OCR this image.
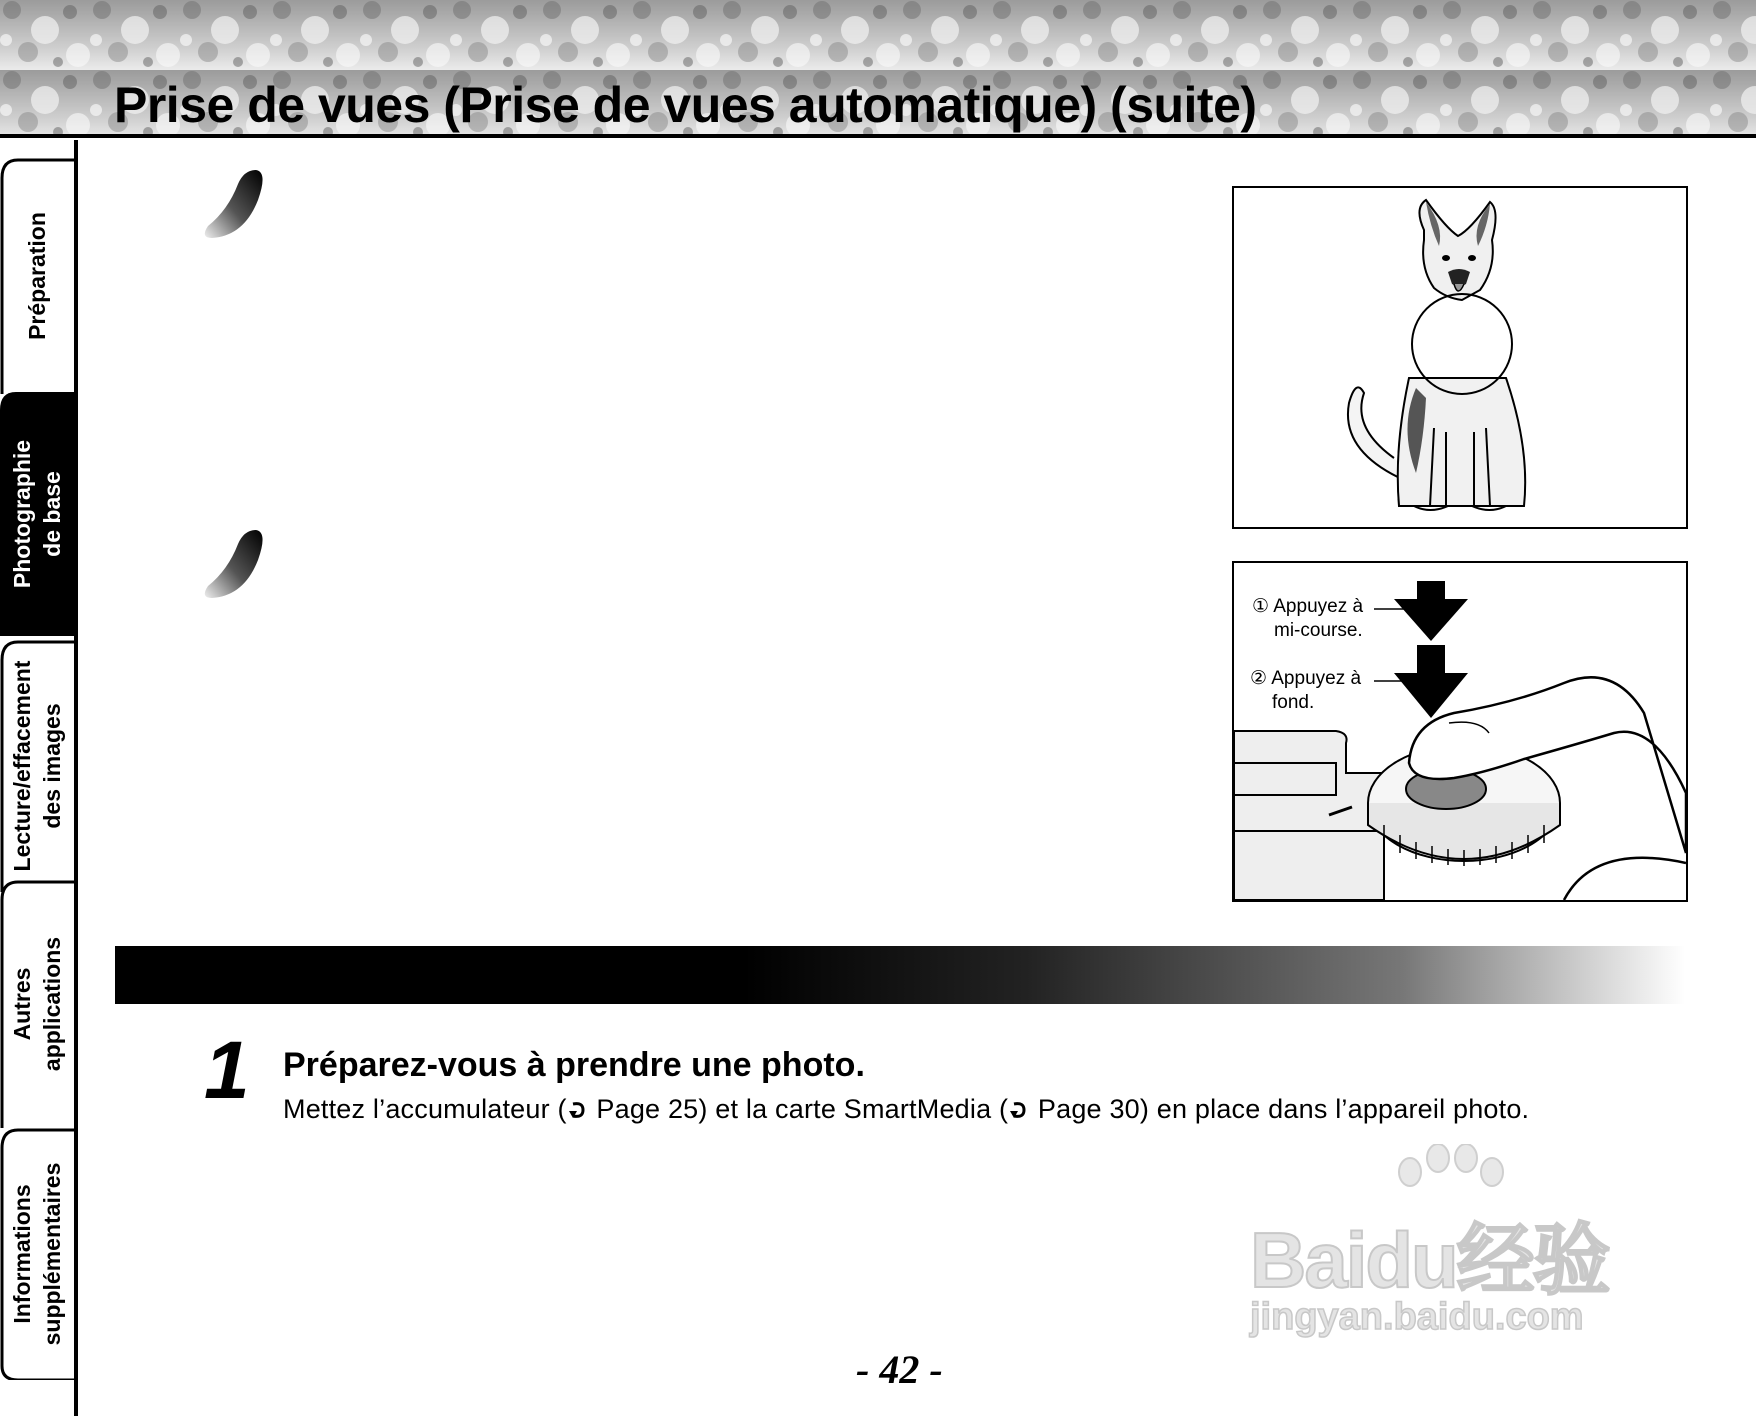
Prise de vues (Prise de vues automatique) (suite)
Préparation
Photographie de base
Lecture/effacement des images
Autres applications
Informations supplémentaires
① Appuyez à
mi-course.
② Appuyez à
fond.
1 Préparez-vous à prendre une photo.
Mettez l’accumulateur ( Page 25) et la carte SmartMedia ( Page 30) en place dans l’appareil photo.
Baidu经验
jingyan.baidu.com
- 42 -
